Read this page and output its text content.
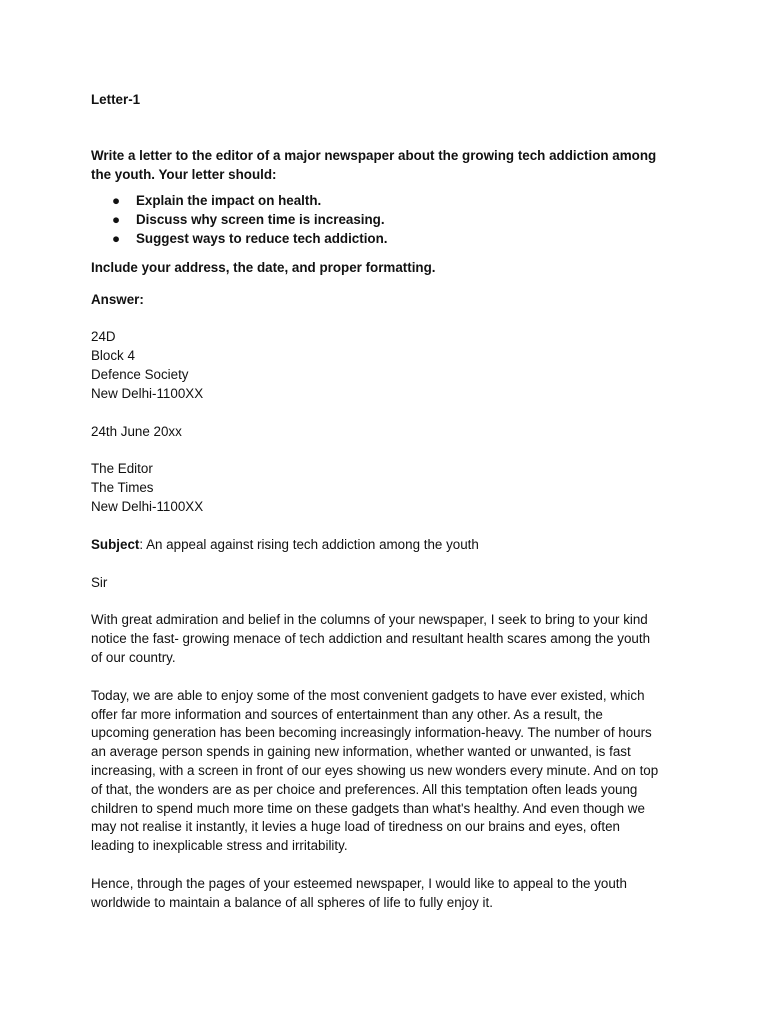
Letter-1
Write a letter to the editor of a major newspaper about the growing tech addiction among
the youth. Your letter should:
● Explain the impact on health.
● Discuss why screen time is increasing.
● Suggest ways to reduce tech addiction.
Include your address, the date, and proper formatting.
Answer:
24D
Block 4
Defence Society
New Delhi-1100XX
24th June 20xx
The Editor
The Times
New Delhi-1100XX
Subject: An appeal against rising tech addiction among the youth
Sir
With great admiration and belief in the columns of your newspaper, I seek to bring to your kind
notice the fast- growing menace of tech addiction and resultant health scares among the youth
of our country.
Today, we are able to enjoy some of the most convenient gadgets to have ever existed, which
offer far more information and sources of entertainment than any other. As a result, the
upcoming generation has been becoming increasingly information-heavy. The number of hours
an average person spends in gaining new information, whether wanted or unwanted, is fast
increasing, with a screen in front of our eyes showing us new wonders every minute. And on top
of that, the wonders are as per choice and preferences. All this temptation often leads young
children to spend much more time on these gadgets than what's healthy. And even though we
may not realise it instantly, it levies a huge load of tiredness on our brains and eyes, often
leading to inexplicable stress and irritability.
Hence, through the pages of your esteemed newspaper, I would like to appeal to the youth
worldwide to maintain a balance of all spheres of life to fully enjoy it.
